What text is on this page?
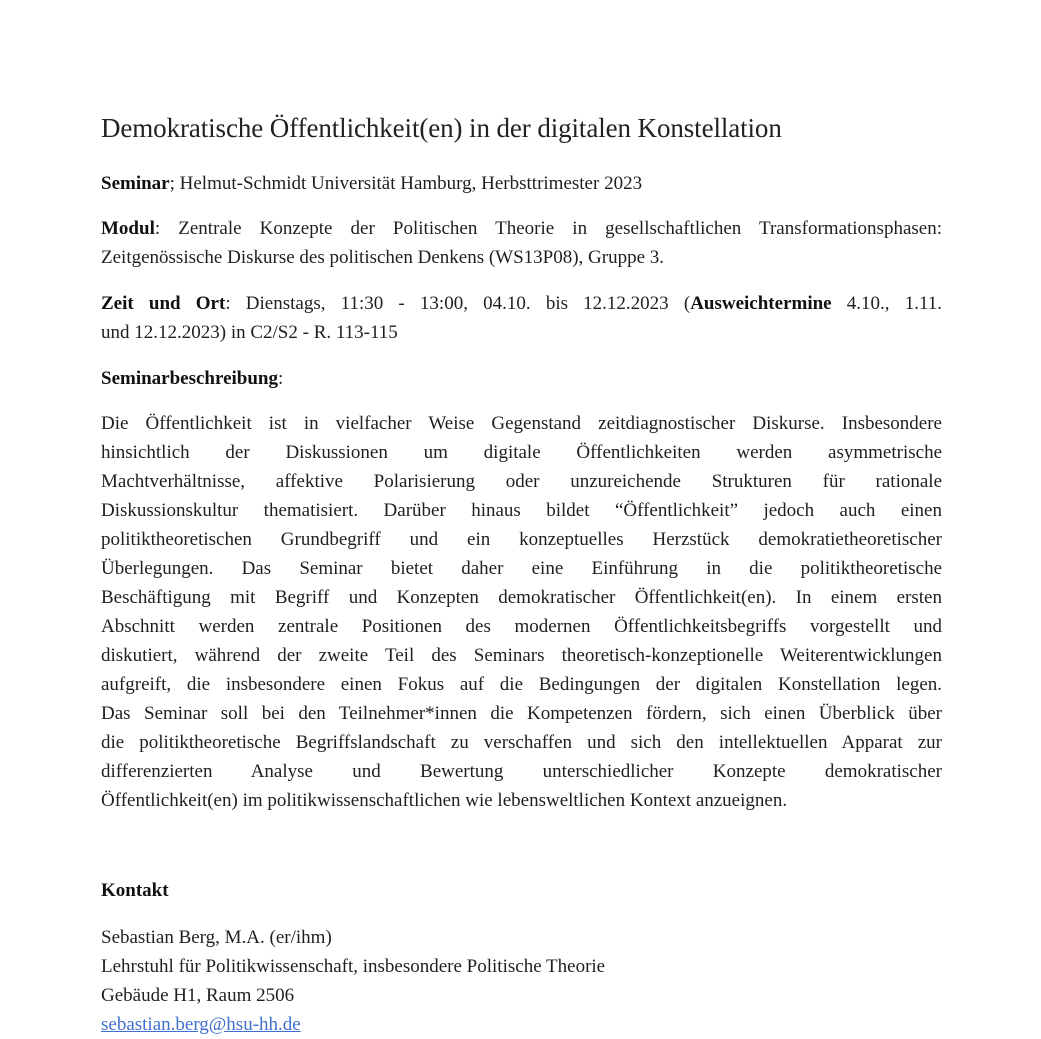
Demokratische Öffentlichkeit(en) in der digitalen Konstellation

Seminar; Helmut-Schmidt Universität Hamburg, Herbsttrimester 2023

Modul: Zentrale Konzepte der Politischen Theorie in gesellschaftlichen Transformationsphasen:
Zeitgenössische Diskurse des politischen Denkens (WS13P08), Gruppe 3.

Zeit und Ort: Dienstags, 11:30 - 13:00, 04.10. bis 12.12.2023 (Ausweichtermine 4.10., 1.11.
und 12.12.2023) in C2/S2 - R. 113-115

Seminarbeschreibung:

Die Öffentlichkeit ist in vielfacher Weise Gegenstand zeitdiagnostischer Diskurse. Insbesondere
hinsichtlich der Diskussionen um digitale Öffentlichkeiten werden asymmetrische
Machtverhältnisse, affektive Polarisierung oder unzureichende Strukturen für rationale
Diskussionskultur thematisiert. Darüber hinaus bildet “Öffentlichkeit” jedoch auch einen
politiktheoretischen Grundbegriff und ein konzeptuelles Herzstück demokratietheoretischer
Überlegungen. Das Seminar bietet daher eine Einführung in die politiktheoretische
Beschäftigung mit Begriff und Konzepten demokratischer Öffentlichkeit(en). In einem ersten
Abschnitt werden zentrale Positionen des modernen Öffentlichkeitsbegriffs vorgestellt und
diskutiert, während der zweite Teil des Seminars theoretisch-konzeptionelle Weiterentwicklungen
aufgreift, die insbesondere einen Fokus auf die Bedingungen der digitalen Konstellation legen.
Das Seminar soll bei den Teilnehmer*innen die Kompetenzen fördern, sich einen Überblick über
die politiktheoretische Begriffslandschaft zu verschaffen und sich den intellektuellen Apparat zur
differenzierten Analyse und Bewertung unterschiedlicher Konzepte demokratischer
Öffentlichkeit(en) im politikwissenschaftlichen wie lebensweltlichen Kontext anzueignen.

Kontakt

Sebastian Berg, M.A. (er/ihm)
Lehrstuhl für Politikwissenschaft, insbesondere Politische Theorie
Gebäude H1, Raum 2506
sebastian.berg@hsu-hh.de
